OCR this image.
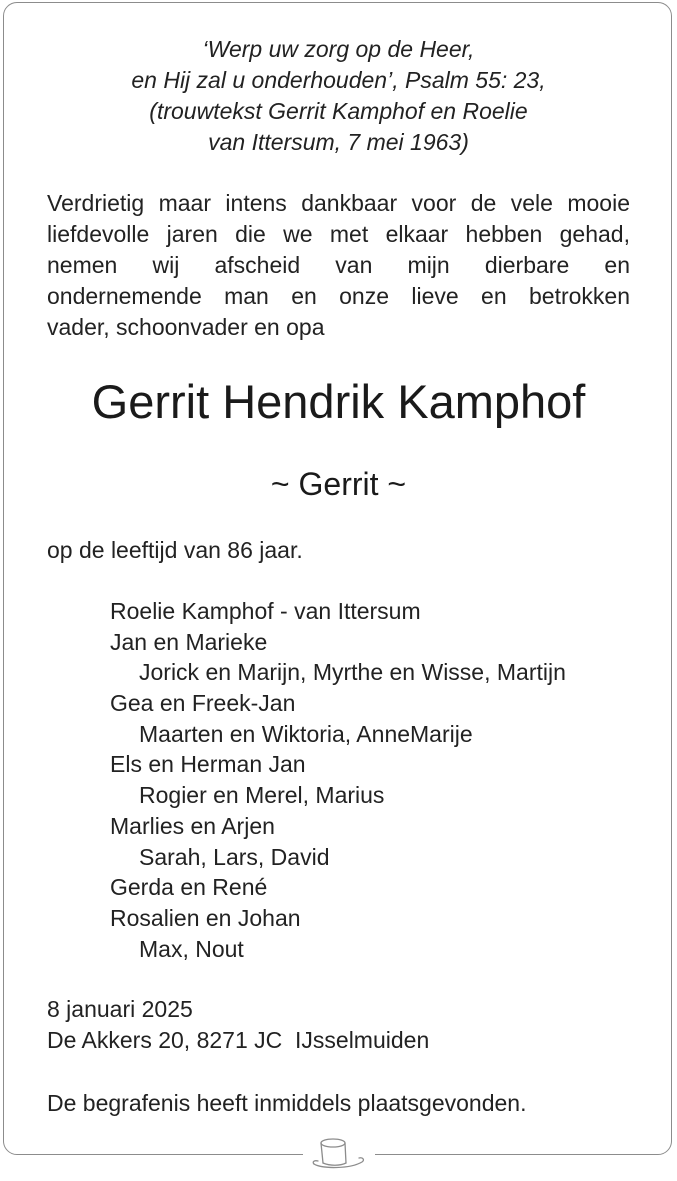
‘Werp uw zorg op de Heer,
en Hij zal u onderhouden’, Psalm 55: 23,
(trouwtekst Gerrit Kamphof en Roelie
van Ittersum, 7 mei 1963)
Verdrietig maar intens dankbaar voor de vele mooie
liefdevolle jaren die we met elkaar hebben gehad,
nemen wij afscheid van mijn dierbare en
ondernemende man en onze lieve en betrokken
vader, schoonvader en opa
Gerrit Hendrik Kamphof
~ Gerrit ~
op de leeftijd van 86 jaar.
Roelie Kamphof - van Ittersum
Jan en Marieke
Jorick en Marijn, Myrthe en Wisse, Martijn
Gea en Freek-Jan
Maarten en Wiktoria, AnneMarije
Els en Herman Jan
Rogier en Merel, Marius
Marlies en Arjen
Sarah, Lars, David
Gerda en René
Rosalien en Johan
Max, Nout
8 januari 2025
De Akkers 20, 8271 JC  IJsselmuiden
De begrafenis heeft inmiddels plaatsgevonden.
